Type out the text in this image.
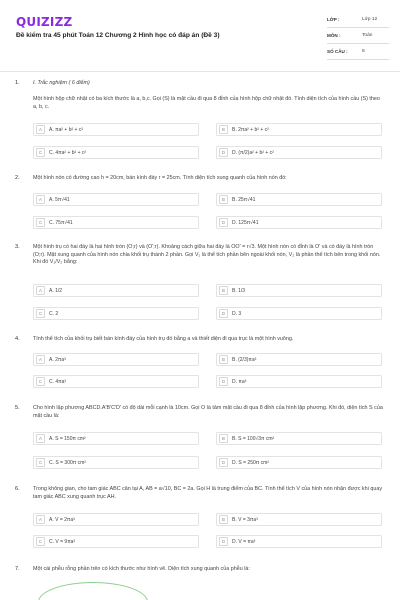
QUIZIZZ
Đề kiểm tra 45 phút Toán 12 Chương 2 Hình học có đáp án (Đề 3)
LỚP :	Lớp 12
MÔN :	Toán
SỐ CÂU :	8
1. I. Trắc nghiệm ( 6 điểm)
Một hình hộp chữ nhật có ba kích thước là a, b,c. Gọi (S) là mặt cầu đi qua 8 đỉnh của hình hộp chữ nhật đó. Tính diện tích của hình cầu (S) theo a, b, c.
A	A. πa² + b² + c²	B	B. 2πa² + b² + c²
C	C. 4πa² + b² + c²	D	D. (π/2)a² + b² + c²
2. Một hình nón có đường cao h = 20cm, bán kính đáy r = 25cm. Tính diện tích xung quanh của hình nón đó:
A	A. 5π√41	B	B. 25π√41
C	C. 75π√41	D	D. 125π√41
3. Một hình trụ có hai đáy là hai hình tròn (O;r) và (O';r). Khoảng cách giữa hai đáy là OO' = r√3. Một hình nón có đỉnh là O' và có đáy là hình tròn (O;r). Mặt xung quanh của hình nón chia khối trụ thành 2 phần. Gọi V₁ là thể tích phần bên ngoài khối nón, V₂ là phần thể tích bên trong khối nón. Khi đó V₁/V₂ bằng:
A	A. 1/2	B	B. 1/3
C	C. 2	D	D. 3
4. Tính thể tích của khối trụ biết bán kính đáy của hình trụ đó bằng a và thiết diện đi qua trục là một hình vuông.
A	A. 2πa³	B	B. (2/3)πa³
C	C. 4πa³	D	D. πa³
5. Cho hình lập phương ABCD.A'B'C'D' có độ dài mỗi cạnh là 10cm. Gọi O là tâm mặt cầu đi qua 8 đỉnh của hình lập phương. Khi đó, diện tích S của mặt cầu là:
A	A. S = 150π cm²	B	B. S = 100√3π cm²
C	C. S = 300π cm²	D	D. S = 250π cm²
6. Trong không gian, cho tam giác ABC cân tại A, AB = a√10, BC = 2a. Gọi H là trung điểm của BC. Tính thể tích V của hình nón nhận được khi quay tam giác ABC xung quanh trục AH.
A	A. V = 2πa³	B	B. V = 3πa³
C	C. V = 9πa³	D	D. V = πa³
7. Một cái phễu rỗng phần trên có kích thước như hình vẽ. Diện tích xung quanh của phễu là:
